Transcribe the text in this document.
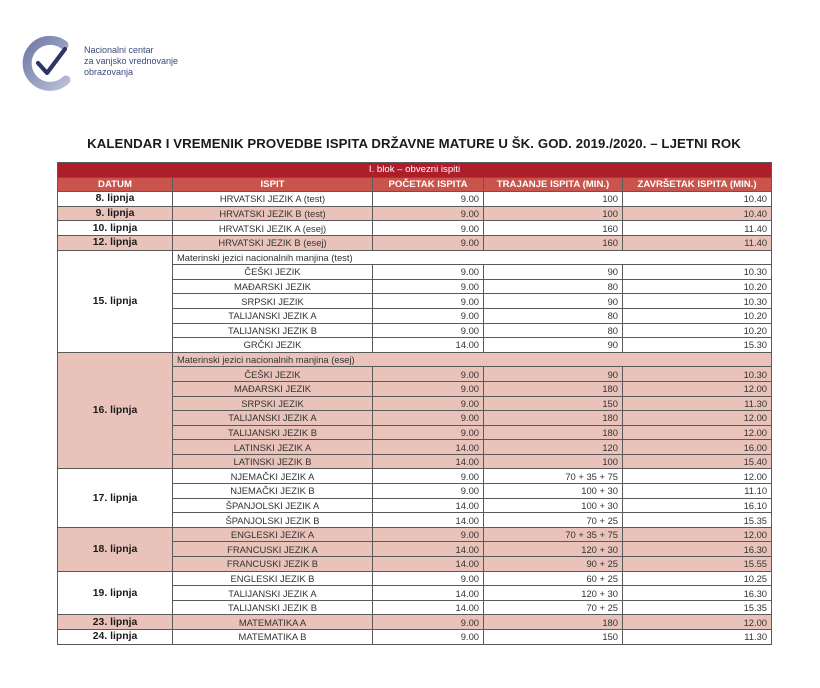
Nacionalni centar
za vanjsko vrednovanje
obrazovanja
KALENDAR I VREMENIK PROVEDBE ISPITA DRŽAVNE MATURE U ŠK. GOD. 2019./2020. – LJETNI ROK
I. blok – obvezni ispiti				
DATUM	ISPIT	POČETAK ISPITA	TRAJANJE ISPITA (MIN.)	ZAVRŠETAK ISPITA (MIN.)
8. lipnja	HRVATSKI JEZIK A (test)	9.00	100	10.40
9. lipnja	HRVATSKI JEZIK B (test)	9.00	100	10.40
10. lipnja	HRVATSKI JEZIK A (esej)	9.00	160	11.40
12. lipnja	HRVATSKI JEZIK B (esej)	9.00	160	11.40
15. lipnja	Materinski jezici nacionalnih manjina (test)			
	ČEŠKI JEZIK	9.00	90	10.30
	MAĐARSKI JEZIK	9.00	80	10.20
	SRPSKI JEZIK	9.00	90	10.30
	TALIJANSKI JEZIK A	9.00	80	10.20
	TALIJANSKI JEZIK B	9.00	80	10.20
	GRČKI JEZIK	14.00	90	15.30
16. lipnja	Materinski jezici nacionalnih manjina (esej)			
	ČEŠKI JEZIK	9.00	90	10.30
	MAĐARSKI JEZIK	9.00	180	12.00
	SRPSKI JEZIK	9.00	150	11.30
	TALIJANSKI JEZIK A	9.00	180	12.00
	TALIJANSKI JEZIK B	9.00	180	12.00
	LATINSKI JEZIK A	14.00	120	16.00
	LATINSKI JEZIK B	14.00	100	15.40
17. lipnja	NJEMAČKI JEZIK A	9.00	70 + 35 + 75	12.00
	NJEMAČKI JEZIK B	9.00	100 + 30	11.10
	ŠPANJOLSKI JEZIK A	14.00	100 + 30	16.10
	ŠPANJOLSKI JEZIK B	14.00	70 + 25	15.35
18. lipnja	ENGLESKI JEZIK A	9.00	70 + 35 + 75	12.00
	FRANCUSKI JEZIK A	14.00	120 + 30	16.30
	FRANCUSKI JEZIK B	14.00	90 + 25	15.55
19. lipnja	ENGLESKI JEZIK B	9.00	60 + 25	10.25
	TALIJANSKI JEZIK A	14.00	120 + 30	16.30
	TALIJANSKI JEZIK B	14.00	70 + 25	15.35
23. lipnja	MATEMATIKA A	9.00	180	12.00
24. lipnja	MATEMATIKA B	9.00	150	11.30
